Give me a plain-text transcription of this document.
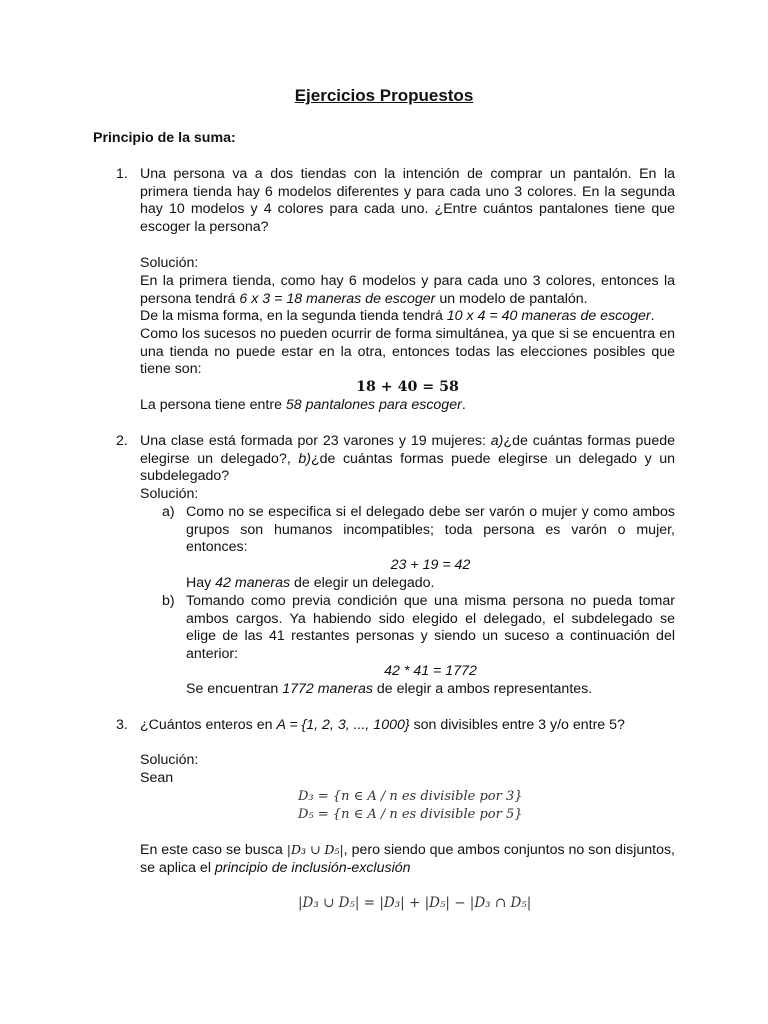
Ejercicios Propuestos
Principio de la suma:
1. Una persona va a dos tiendas con la intención de comprar un pantalón. En la primera tienda hay 6 modelos diferentes y para cada uno 3 colores. En la segunda hay 10 modelos y 4 colores para cada uno. ¿Entre cuántos pantalones tiene que escoger la persona?
Solución:
En la primera tienda, como hay 6 modelos y para cada uno 3 colores, entonces la persona tendrá 6 x 3 = 18 maneras de escoger un modelo de pantalón.
De la misma forma, en la segunda tienda tendrá 10 x 4 = 40 maneras de escoger.
Como los sucesos no pueden ocurrir de forma simultánea, ya que si se encuentra en una tienda no puede estar en la otra, entonces todas las elecciones posibles que tiene son:
18 + 40 = 58
La persona tiene entre 58 pantalones para escoger.
2. Una clase está formada por 23 varones y 19 mujeres: a)¿de cuántas formas puede elegirse un delegado?, b)¿de cuántas formas puede elegirse un delegado y un subdelegado?
Solución:
a) Como no se especifica si el delegado debe ser varón o mujer y como ambos grupos son humanos incompatibles; toda persona es varón o mujer, entonces:
23 + 19 = 42
Hay 42 maneras de elegir un delegado.
b) Tomando como previa condición que una misma persona no pueda tomar ambos cargos. Ya habiendo sido elegido el delegado, el subdelegado se elige de las 41 restantes personas y siendo un suceso a continuación del anterior:
42 * 41 = 1772
Se encuentran 1772 maneras de elegir a ambos representantes.
3. ¿Cuántos enteros en A = {1, 2, 3, ..., 1000} son divisibles entre 3 y/o entre 5?
Solución:
Sean
D₃ = {n ∈ A / n es divisible por 3}
D₅ = {n ∈ A / n es divisible por 5}
En este caso se busca |D₃ ∪ D₅|, pero siendo que ambos conjuntos no son disjuntos, se aplica el principio de inclusión-exclusión
|D₃ ∪ D₅| = |D₃| + |D₅| − |D₃ ∩ D₅|
